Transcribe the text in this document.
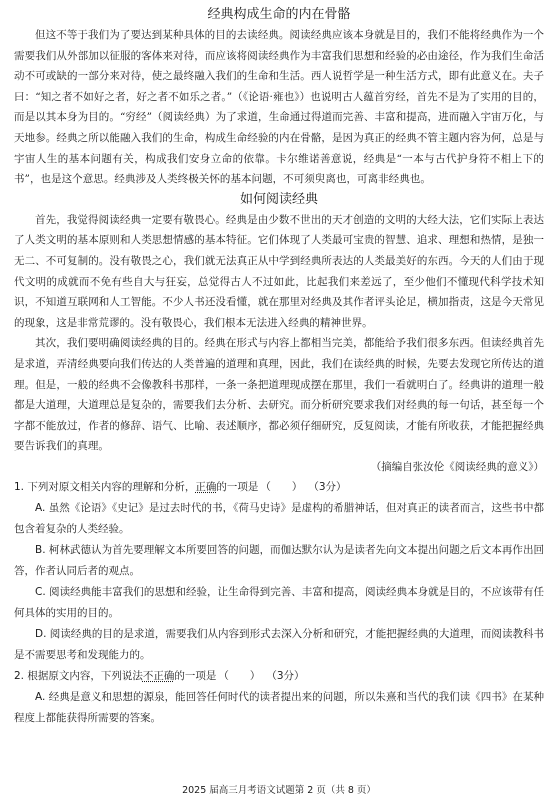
经典构成生命的内在骨骼

但这不等于我们为了要达到某种具体的目的去读经典。阅读经典应该本身就是目的，我们不能将经典作为一个需要我们从外部加以征服的客体来对待，而应该将阅读经典作为丰富我们思想和经验的必由途径，作为我们生命活动不可或缺的一部分来对待，使之最终融入我们的生命和生活。西人说哲学是一种生活方式，即有此意义在。夫子曰：“知之者不如好之者，好之者不如乐之者。”（《论语·雍也》）也说明古人蕴首穷经，首先不是为了实用的目的，而是以其本身为目的。“穷经”（阅读经典）为了求道，生命通过得道而完善、丰富和提高，进而融入宇宙万化，与天地参。经典之所以能融入我们的生命，构成生命经验的内在骨骼，是因为真正的经典不管主题内容为何，总是与宇宙人生的基本问题有关，构成我们安身立命的依靠。卡尔维诺善意说，经典是“一本与古代护身符不相上下的书”，也是这个意思。经典涉及人类终极关怀的基本问题，不可须臾离也，可离非经典也。

如何阅读经典

首先，我觉得阅读经典一定要有敬畏心。经典是由少数不世出的天才创造的文明的大经大法，它们实际上表达了人类文明的基本原则和人类思想情感的基本特征。它们体现了人类最可宝贵的智慧、追求、理想和热情，是独一无二、不可复制的。没有敬畏之心，我们就无法真正从中学到经典所表达的人类最美好的东西。今天的人们由于现代文明的成就而不免有些自大与狂妄，总觉得古人不过如此，比起我们来差远了，至少他们不懂现代科学技术知识，不知道互联网和人工智能。不少人书还没看懂，就在那里对经典及其作者评头论足，横加指责，这是今天常见的现象，这是非常荒谬的。没有敬畏心，我们根本无法进入经典的精神世界。

其次，我们要明确阅读经典的目的。经典在形式与内容上都相当完美，都能给予我们很多东西。但读经典首先是求道，弄清经典要向我们传达的人类普遍的道理和真理，因此，我们在读经典的时候，先要去发现它所传达的道理。但是，一般的经典不会像教科书那样，一条一条把道理现成摆在那里，我们一看就明白了。经典讲的道理一般都是大道理，大道理总是复杂的，需要我们去分析、去研究。而分析研究要求我们对经典的每一句话，甚至每一个字都不能放过，作者的修辞、语气、比喻、表述顺序，都必须仔细研究，反复阅读，才能有所收获，才能把握经典要告诉我们的真理。

（摘编自张汝伦《阅读经典的意义》）

1. 下列对原文相关内容的理解和分析，正确的一项是 （　　） （3分）

A. 虽然《论语》《史记》是过去时代的书，《荷马史诗》是虚构的希腊神话，但对真正的读者而言，这些书中都包含着复杂的人类经验。

B. 柯林武德认为首先要理解文本所要回答的问题，而伽达默尔认为是读者先向文本提出问题之后文本再作出回答，作者认同后者的观点。

C. 阅读经典能丰富我们的思想和经验，让生命得到完善、丰富和提高，阅读经典本身就是目的，不应该带有任何具体的实用的目的。

D. 阅读经典的目的是求道，需要我们从内容到形式去深入分析和研究，才能把握经典的大道理，而阅读教科书是不需要思考和发现能力的。

2. 根据原文内容，下列说法不正确的一项是 （　　） （3分）

A. 经典是意义和思想的源泉，能回答任何时代的读者提出来的问题，所以朱熹和当代的我们读《四书》在某种程度上都能获得所需要的答案。

2025 届高三月考语文试题第 2 页（共 8 页）
